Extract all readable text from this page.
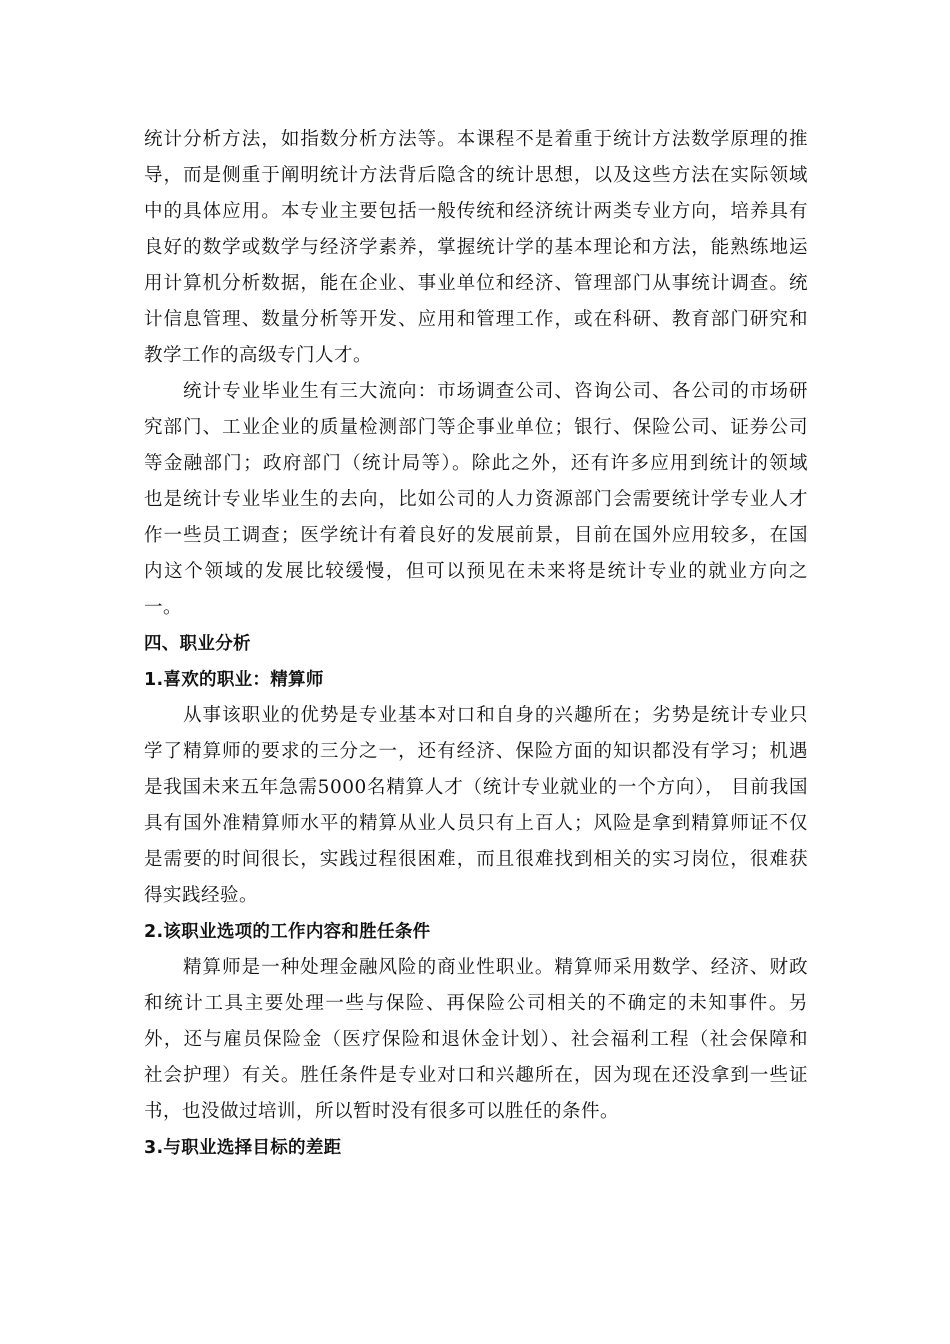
统计分析方法，如指数分析方法等。本课程不是着重于统计方法数学原理的推
导，而是侧重于阐明统计方法背后隐含的统计思想，以及这些方法在实际领域
中的具体应用。本专业主要包括一般传统和经济统计两类专业方向，培养具有
良好的数学或数学与经济学素养，掌握统计学的基本理论和方法，能熟练地运
用计算机分析数据，能在企业、事业单位和经济、管理部门从事统计调查。统
计信息管理、数量分析等开发、应用和管理工作，或在科研、教育部门研究和
教学工作的高级专门人才。
统计专业毕业生有三大流向：市场调查公司、咨询公司、各公司的市场研
究部门、工业企业的质量检测部门等企事业单位；银行、保险公司、证券公司
等金融部门；政府部门（统计局等）。除此之外，还有许多应用到统计的领域
也是统计专业毕业生的去向，比如公司的人力资源部门会需要统计学专业人才
作一些员工调查；医学统计有着良好的发展前景，目前在国外应用较多，在国
内这个领域的发展比较缓慢，但可以预见在未来将是统计专业的就业方向之
一。
四、职业分析
1.喜欢的职业：精算师
从事该职业的优势是专业基本对口和自身的兴趣所在；劣势是统计专业只
学了精算师的要求的三分之一，还有经济、保险方面的知识都没有学习；机遇
是我国未来五年急需5000名精算人才（统计专业就业的一个方向）， 目前我国
具有国外准精算师水平的精算从业人员只有上百人；风险是拿到精算师证不仅
是需要的时间很长，实践过程很困难，而且很难找到相关的实习岗位，很难获
得实践经验。
2.该职业选项的工作内容和胜任条件
精算师是一种处理金融风险的商业性职业。精算师采用数学、经济、财政
和统计工具主要处理一些与保险、再保险公司相关的不确定的未知事件。另
外，还与雇员保险金（医疗保险和退休金计划）、社会福利工程（社会保障和
社会护理）有关。胜任条件是专业对口和兴趣所在，因为现在还没拿到一些证
书，也没做过培训，所以暂时没有很多可以胜任的条件。
3.与职业选择目标的差距
